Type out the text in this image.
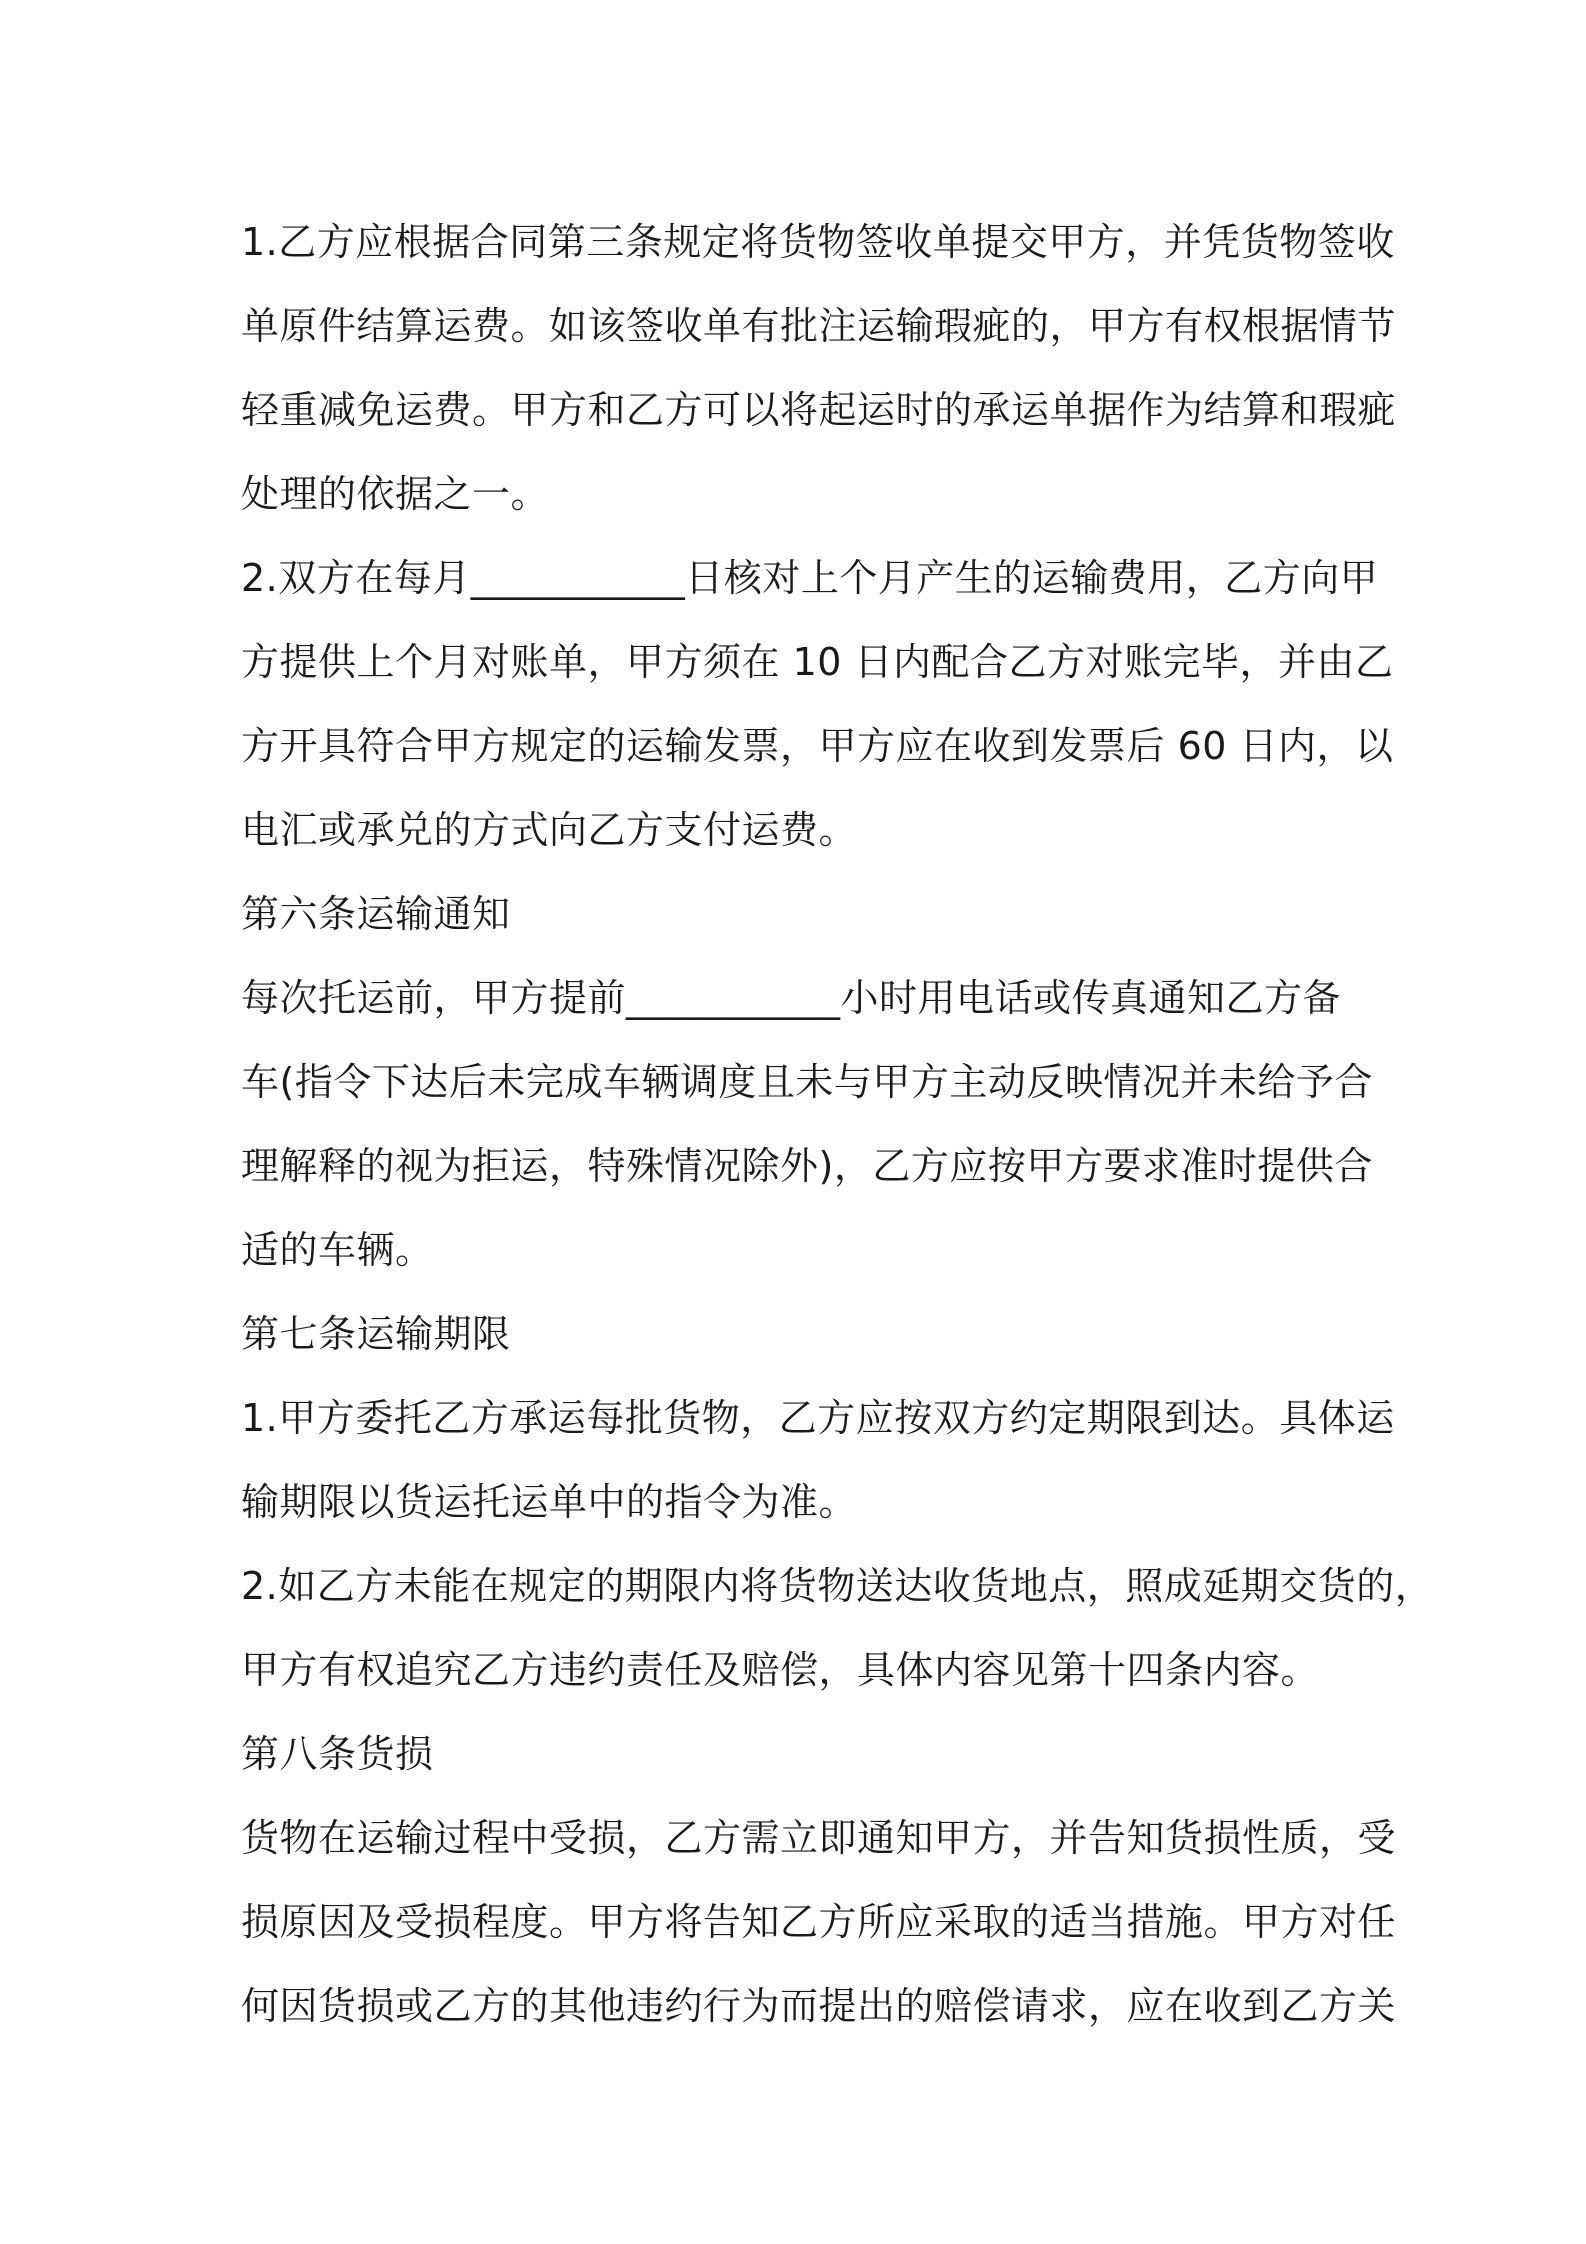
1.乙方应根据合同第三条规定将货物签收单提交甲方，并凭货物签收
单原件结算运费。如该签收单有批注运输瑕疵的，甲方有权根据情节
轻重减免运费。甲方和乙方可以将起运时的承运单据作为结算和瑕疵
处理的依据之一。
2.双方在每月___________日核对上个月产生的运输费用，乙方向甲
方提供上个月对账单，甲方须在 10 日内配合乙方对账完毕，并由乙
方开具符合甲方规定的运输发票，甲方应在收到发票后 60 日内，以
电汇或承兑的方式向乙方支付运费。
第六条运输通知
每次托运前，甲方提前___________小时用电话或传真通知乙方备
车(指令下达后未完成车辆调度且未与甲方主动反映情况并未给予合
理解释的视为拒运，特殊情况除外)，乙方应按甲方要求准时提供合
适的车辆。
第七条运输期限
1.甲方委托乙方承运每批货物，乙方应按双方约定期限到达。具体运
输期限以货运托运单中的指令为准。
2.如乙方未能在规定的期限内将货物送达收货地点，照成延期交货的，
甲方有权追究乙方违约责任及赔偿，具体内容见第十四条内容。
第八条货损
货物在运输过程中受损，乙方需立即通知甲方，并告知货损性质，受
损原因及受损程度。甲方将告知乙方所应采取的适当措施。甲方对任
何因货损或乙方的其他违约行为而提出的赔偿请求，应在收到乙方关
